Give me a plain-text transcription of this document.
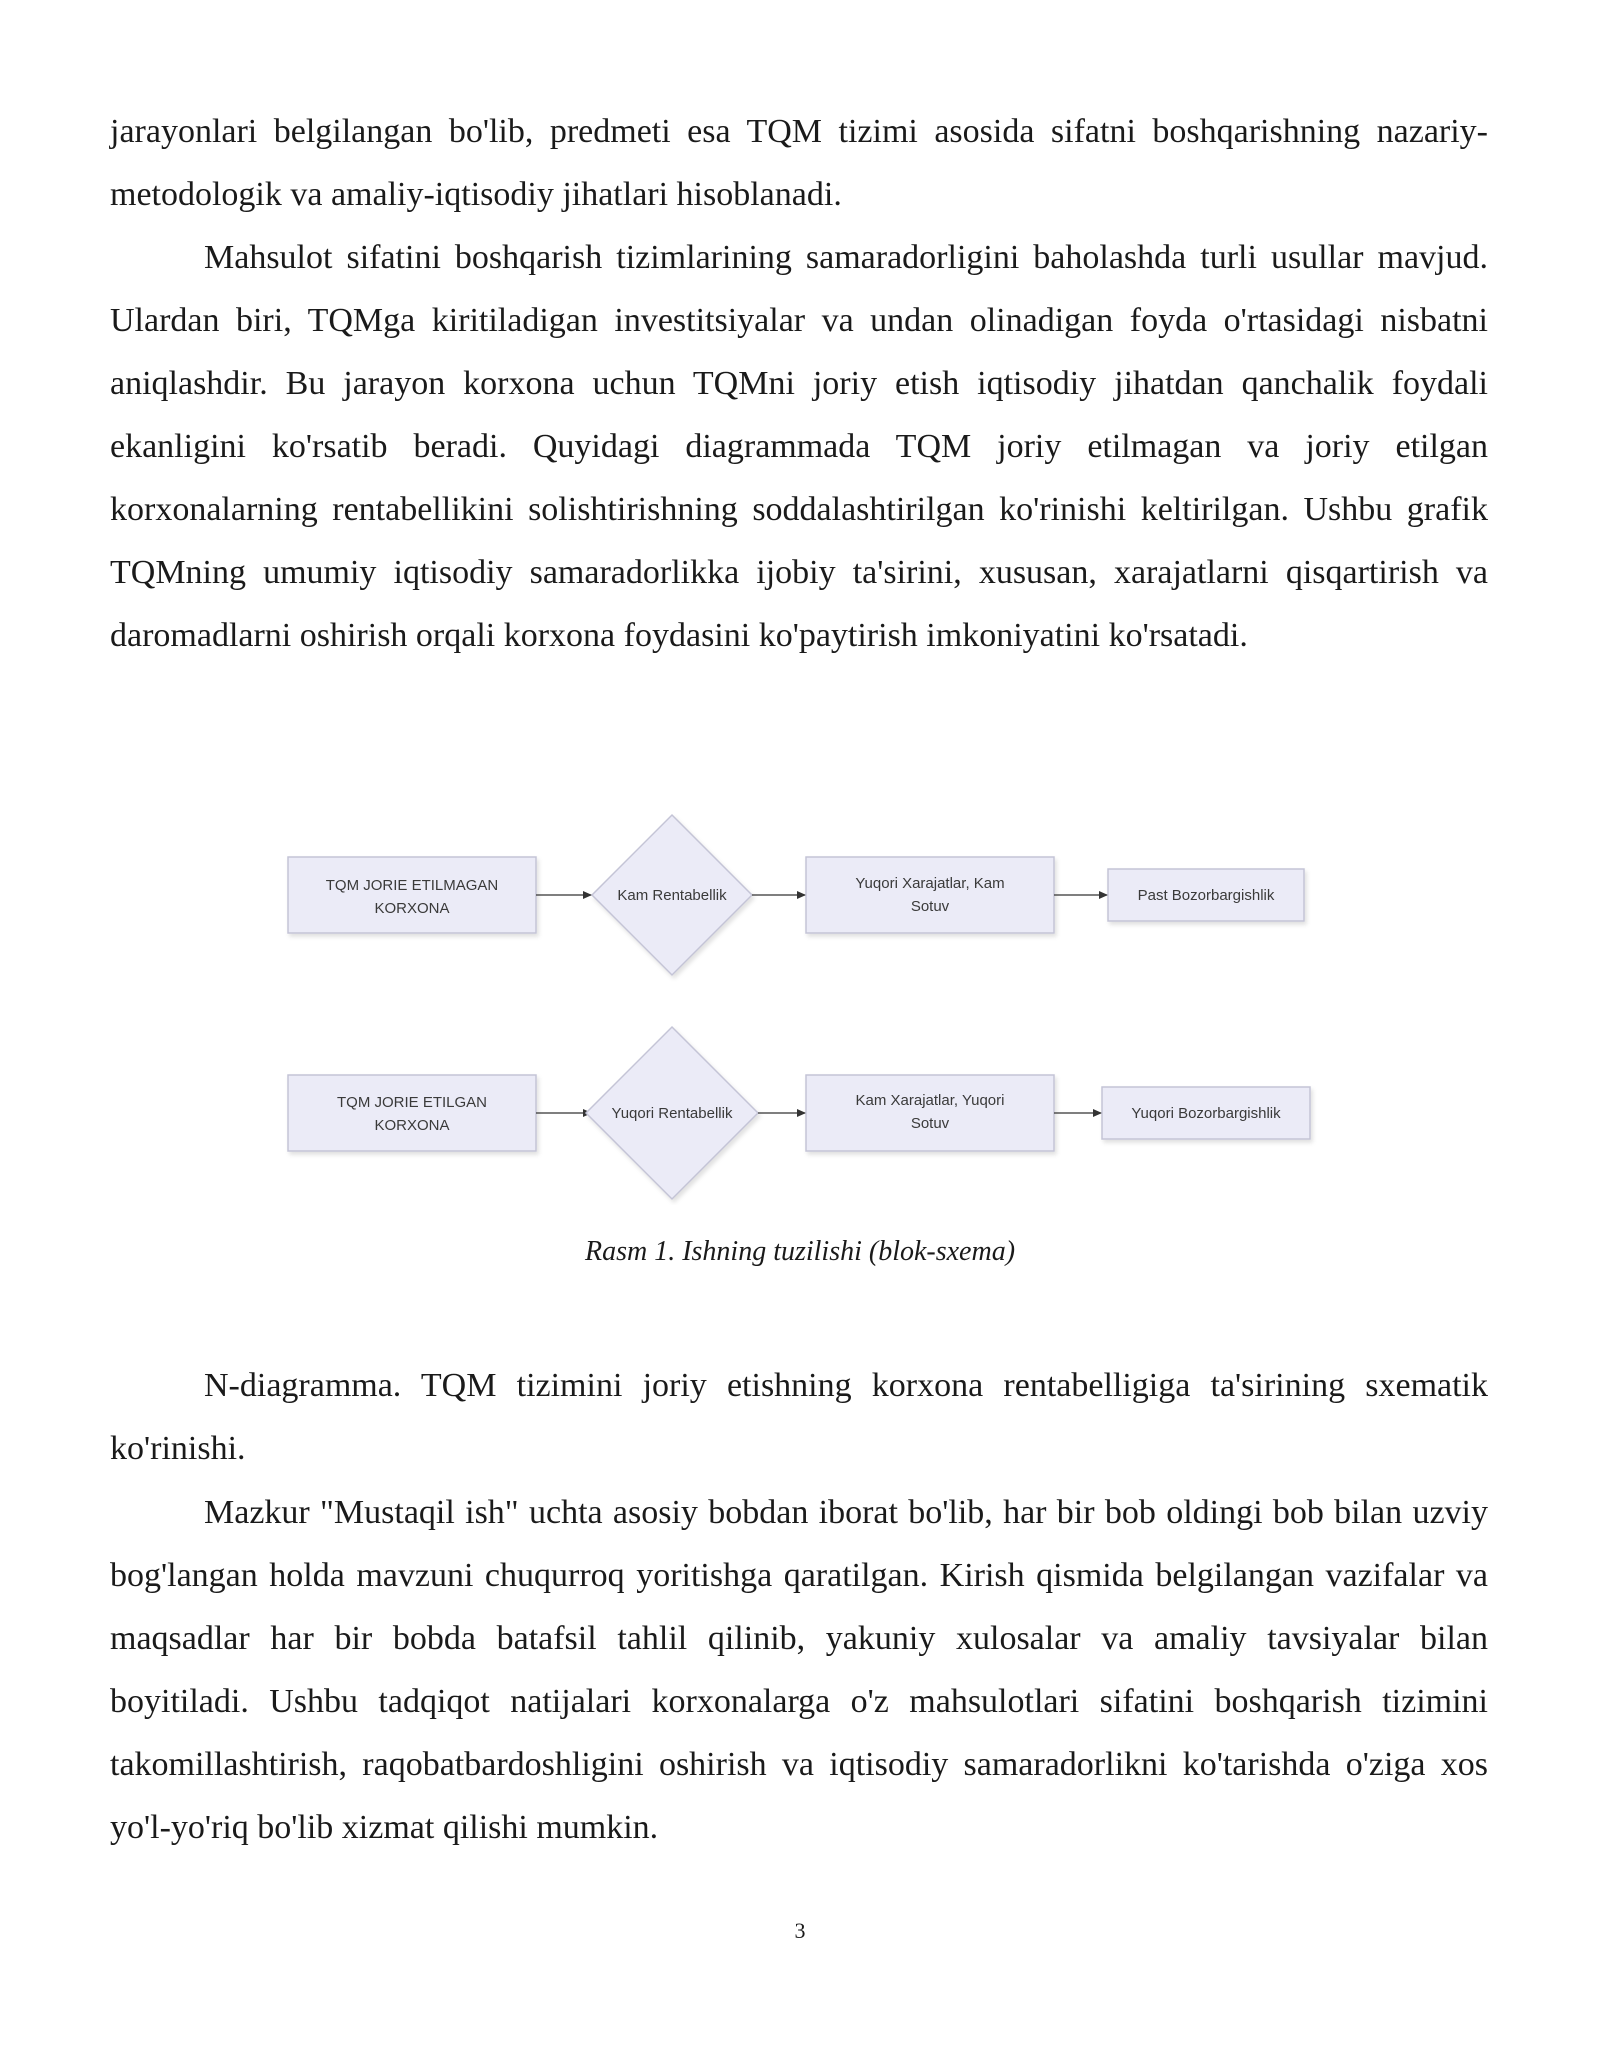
jarayonlari belgilangan bo'lib, predmeti esa TQM tizimi asosida sifatni boshqarishning nazariy-metodologik va amaliy-iqtisodiy jihatlari hisoblanadi.

Mahsulot sifatini boshqarish tizimlarining samaradorligini baholashda turli usullar mavjud. Ulardan biri, TQMga kiritiladigan investitsiyalar va undan olinadigan foyda o'rtasidagi nisbatni aniqlashdir. Bu jarayon korxona uchun TQMni joriy etish iqtisodiy jihatdan qanchalik foydali ekanligini ko'rsatib beradi. Quyidagi diagrammada TQM joriy etilmagan va joriy etilgan korxonalarning rentabellikini solishtirishning soddalashtirilgan ko'rinishi keltirilgan. Ushbu grafik TQMning umumiy iqtisodiy samaradorlikka ijobiy ta'sirini, xususan, xarajatlarni qisqartirish va daromadlarni oshirish orqali korxona foydasini ko'paytirish imkoniyatini ko'rsatadi.

TQM JORIE ETILMAGAN
KORXONA
Kam Rentabellik
Yuqori Xarajatlar, Kam
Sotuv
Past Bozorbargishlik
TQM JORIE ETILGAN
KORXONA
Yuqori Rentabellik
Kam Xarajatlar, Yuqori
Sotuv
Yuqori Bozorbargishlik
Rasm 1. Ishning tuzilishi (blok-sxema)

N-diagramma. TQM tizimini joriy etishning korxona rentabelligiga ta'sirining sxematik ko'rinishi.

Mazkur "Mustaqil ish" uchta asosiy bobdan iborat bo'lib, har bir bob oldingi bob bilan uzviy bog'langan holda mavzuni chuqurroq yoritishga qaratilgan. Kirish qismida belgilangan vazifalar va maqsadlar har bir bobda batafsil tahlil qilinib, yakuniy xulosalar va amaliy tavsiyalar bilan boyitiladi. Ushbu tadqiqot natijalari korxonalarga o'z mahsulotlari sifatini boshqarish tizimini takomillashtirish, raqobatbardoshligini oshirish va iqtisodiy samaradorlikni ko'tarishda o'ziga xos yo'l-yo'riq bo'lib xizmat qilishi mumkin.

3
